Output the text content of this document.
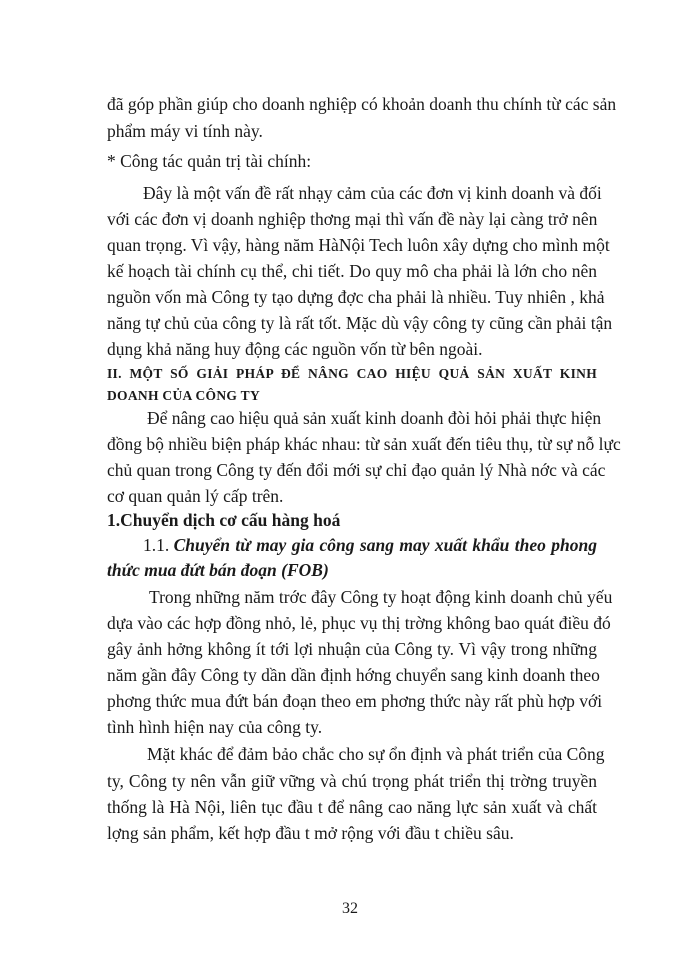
đã góp phần giúp cho doanh nghiệp có khoản doanh thu chính từ các sản

phẩm máy vi tính này.

* Công tác quản trị tài chính:

Đây là một vấn đề rất nhạy cảm của các đơn vị kinh doanh và đối

với các đơn vị doanh nghiệp thơng mại thì vấn đề này lại càng trở nên

quan trọng. Vì vậy, hàng năm HàNội Tech luôn xây dựng cho mình một

kế hoạch tài chính cụ thể, chi tiết. Do quy mô cha phải là lớn cho nên

nguồn vốn mà Công ty tạo dựng đợc cha phải là nhiều. Tuy nhiên , khả

năng tự chủ của công ty là rất tốt. Mặc dù vậy công ty cũng cần phải tận

dụng khả năng huy động các nguồn vốn từ bên ngoài.

II. MỘT SỐ GIẢI PHÁP ĐỂ NÂNG CAO HIỆU QUẢ SẢN XUẤT KINH

DOANH CỦA CÔNG TY

Để nâng cao hiệu quả sản xuất kinh doanh đòi hỏi phải thực hiện

đồng bộ nhiều biện pháp khác nhau: từ sản xuất đến tiêu thụ, từ sự nỗ lực

chủ quan trong Công ty đến đổi mới sự chỉ đạo quản lý Nhà nớc và các

cơ quan quản lý cấp trên.

1.Chuyển dịch cơ cấu hàng hoá

1.1. Chuyển từ may gia công sang may xuất khẩu theo phong

thức mua đứt bán đoạn (FOB)

Trong những năm trớc đây Công ty hoạt động kinh doanh chủ yếu

dựa vào các hợp đồng nhỏ, lẻ, phục vụ thị trờng không bao quát điều đó

gây ảnh hởng không ít tới lợi nhuận của Công ty. Vì vậy trong những

năm gần đây Công ty dần dần định hớng chuyển sang kinh doanh theo

phơng thức mua đứt bán đoạn theo em phơng thức này rất phù hợp với

tình hình hiện nay của công ty.

Mặt khác để đảm bảo chắc cho sự ổn định và phát triển của Công

ty, Công ty nên vẫn giữ vững và chú trọng phát triển thị trờng truyền

thống là Hà Nội, liên tục đầu t để nâng cao năng lực sản xuất và chất

lợng sản phẩm, kết hợp đầu t mở rộng với đầu t chiều sâu.

32
